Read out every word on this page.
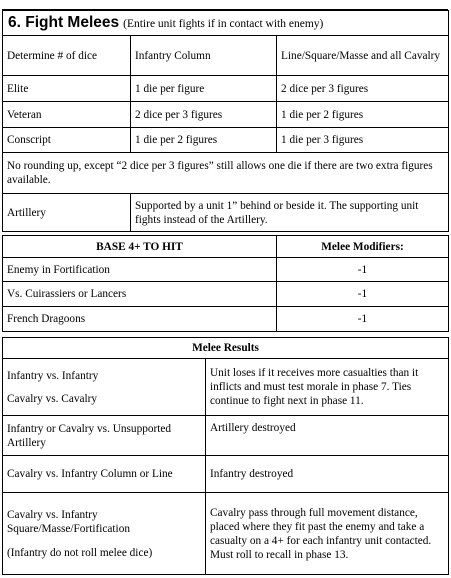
6. Fight Melees (Entire unit fights if in contact with enemy)		
Determine # of dice	Infantry Column	Line/Square/Masse and all Cavalry
Elite	1 die per figure	2 dice per 3 figures
Veteran	2 dice per 3 figures	1 die per 2 figures
Conscript	1 die per 2 figures	1 die per 3 figures
No rounding up, except “2 dice per 3 figures” still allows one die if there are two extra figures available.		
Artillery	Supported by a unit 1” behind or beside it. The supporting unit fights instead of the Artillery.	
BASE 4+ TO HIT	Melee Modifiers:
Enemy in Fortification	-1
Vs. Cuirassiers or Lancers	-1
French Dragoons	-1
Melee Results	

Infantry vs. Infantry
Cavalry vs. Cavalry	Unit loses if it receives more casualties than it inflicts and must test morale in phase 7. Ties continue to fight next in phase 11.
Infantry or Cavalry vs. Unsupported Artillery	Artillery destroyed
Cavalry vs. Infantry Column or Line	Infantry destroyed

Cavalry vs. Infantry Square/Masse/Fortification
(Infantry do not roll melee dice)	Cavalry pass through full movement distance, placed where they fit past the enemy and take a casualty on a 4+ for each infantry unit contacted. Must roll to recall in phase 13.
